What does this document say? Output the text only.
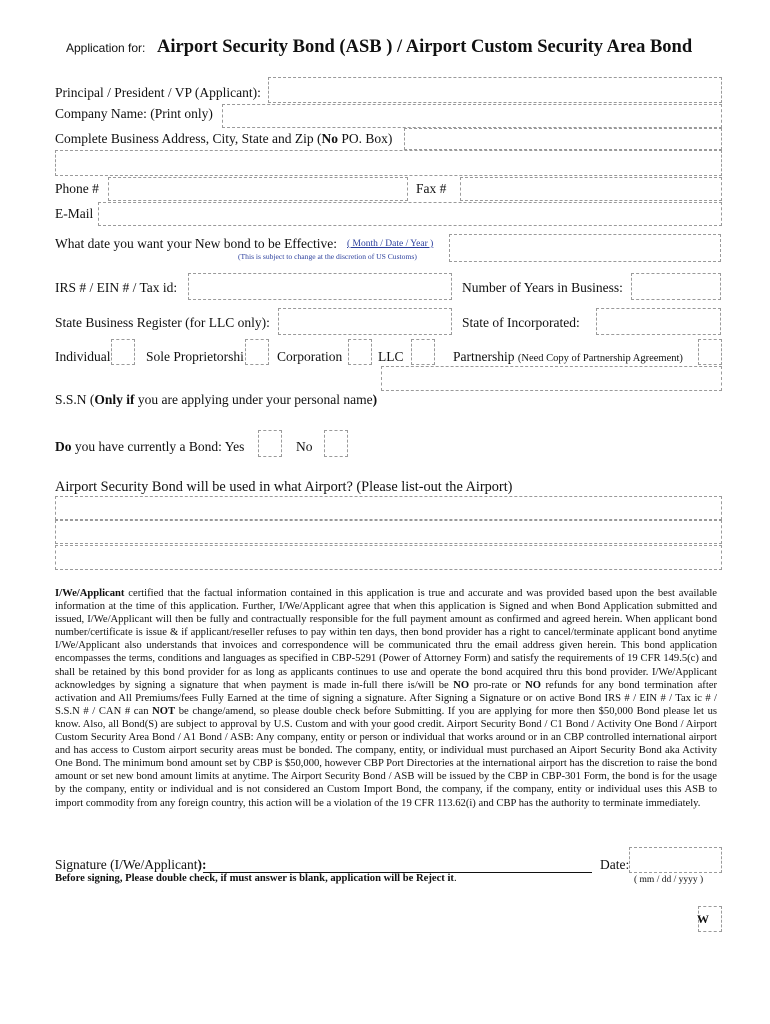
Application for: Airport Security Bond (ASB ) / Airport Custom Security Area Bond
Principal / President / VP (Applicant):
Company Name: (Print only)
Complete Business Address, City, State and Zip (No PO. Box)
Phone #	Fax #
E-Mail
What date you want your New bond to be Effective: ( Month / Date / Year )
(This is subject to change at the discretion of US Customs)
IRS # / EIN # / Tax id:	Number of Years in Business:
State Business Register (for LLC only):	State of Incorporated:
Individual	Sole Proprietorshi Corporation	LLC	Partnership (Need Copy of Partnership Agreement)
S.S.N (Only if you are applying under your personal name)
Do you have currently a Bond: Yes	No
Airport Security Bond will be used in what Airport? (Please list-out the Airport)
I/We/Applicant certified that the factual information contained in this application is true and accurate and was provided based upon the best available information at the time of this application. Further, I/We/Applicant agree that when this application is Signed and when Bond Application submitted and issued, I/We/Applicant will then be fully and contractually responsible for the full payment amount as confirmed and agreed herein. When applicant bond number/certificate is issue & if applicant/reseller refuses to pay within ten days, then bond provider has a right to cancel/terminate applicant bond anytime I/We/Applicant also understands that invoices and correspondence will be communicated thru the email address given herein. This bond application encompasses the terms, conditions and languages as specified in CBP-5291 (Power of Attorney Form) and satisfy the requirements of 19 CFR 149.5(c) and shall be retained by this bond provider for as long as applicants continues to use and operate the bond acquired thru this bond provider. I/We/Applicant acknowledges by signing a signature that when payment is made in-full there is/will be NO pro-rate or NO refunds for any bond termination after activation and All Premiums/fees Fully Earned at the time of signing a signature. After Signing a Signature or on active Bond IRS # / EIN # / Tax ic # / S.S.N # / CAN # can NOT be change/amend, so please double check before Submitting. If you are applying for more then $50,000 Bond please let us know. Also, all Bond(S) are subject to approval by U.S. Custom and with your good credit. Airport Security Bond / C1 Bond / Activity One Bond / Airport Custom Security Area Bond / A1 Bond / ASB: Any company, entity or person or individual that works around or in an CBP controlled international airport and has access to Custom airport security areas must be bonded. The company, entity, or individual must purchased an Aiport Security Bond aka Activity One Bond. The minimum bond amount set by CBP is $50,000, however CBP Port Directories at the international airport has the discretion to raise the bond amount or set new bond amount limits at anytime. The Airport Security Bond / ASB will be issued by the CBP in CBP-301 Form, the bond is for the usage by the company, entity or individual and is not considered an Custom Import Bond, the company, if the company, entity or individual uses this ASB to import commodity from any foreign country, this action will be a violation of the 19 CFR 113.62(i) and CBP has the authority to terminate immediately.
Signature (I/We/Applicant):	Date:
( mm / dd / yyyy )
Before signing, Please double check, if must answer is blank, application will be Reject it.
W
